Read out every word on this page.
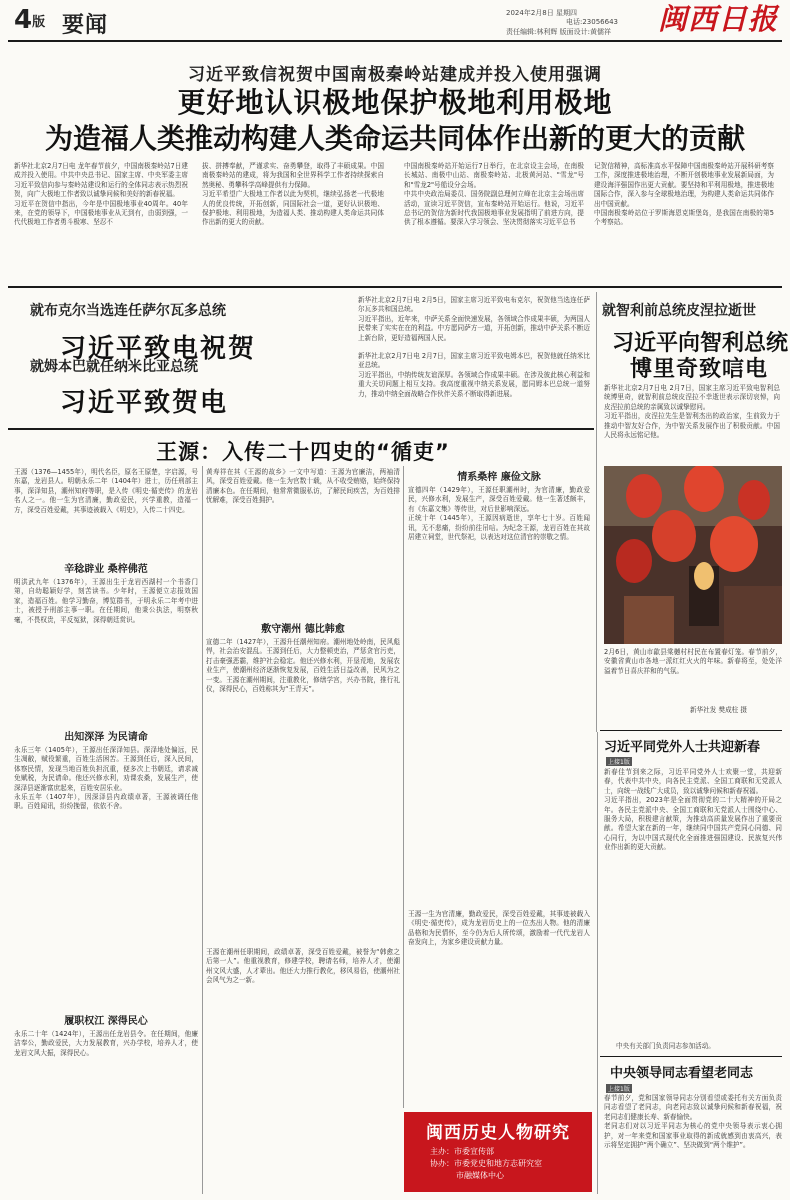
4版 要闻	2024年2月8日 星期四
电话:23056643
责任编辑:林利辉 版面设计:黄儒祥 闽西日报
习近平致信祝贺中国南极秦岭站建成并投入使用强调
更好地认识极地保护极地利用极地
为造福人类推动构建人类命运共同体作出新的更大的贡献

新华社北京2月7日电 龙年春节前夕，中国南极秦岭站7日建成并投入使用。中共中央总书记、国家主席、中央军委主席习近平致信向参与秦岭站建设和运行的全体同志表示热烈祝贺，向广大极地工作者致以诚挚问候和美好的新春祝福。
习近平在贺信中指出，今年是中国极地事业40周年。40年来，在党的领导下，中国极地事业从无到有，由弱到强，一代代极地工作者勇斗极寒、坚忍不

拔、拼搏奉献，严谨求实、奋勇攀登，取得了丰硕成果。中国南极秦岭站的建成，将为我国和全世界科学工作者持续探索自然奥秘、勇攀科学高峰提供有力保障。
习近平希望广大极地工作者以此为契机，继续弘扬老一代极地人的优良传统，开拓创新，同国际社会一道，更好认识极地、保护极地、利用极地，为造福人类、推动构建人类命运共同体作出新的更大的贡献。

中国南极秦岭站开始运行7日举行，在北京设主会场，在南极长城站、南极中山站、南极秦岭站、北极黄河站、"雪龙"号和"雪龙2"号船设分会场。
中共中央政治局委员、国务院副总理何立峰在北京主会场出席活动，宣读习近平贺信，宣布秦岭站开始运行。他说，习近平总书记的贺信为新时代我国极地事业发展指明了前进方向，提供了根本遵循。要深入学习领会、坚决贯彻落实习近平总书

记贺信精神，高标准高水平保障中国南极秦岭站开展科研考察工作，深度推进极地治理，不断开创极地事业发展新局面，为建设海洋强国作出更大贡献。要坚持和平利用极地，推进极地国际合作，深入参与全球极地治理，为构建人类命运共同体作出中国贡献。
中国南极秦岭站位于罗斯海恩克斯堡岛，是我国在南极的第5个考察站。

就布克尔当选连任萨尔瓦多总统
习近平致电祝贺
就姆本巴就任纳米比亚总统
习近平致贺电

新华社北京2月7日电 2月5日，国家主席习近平致电布克尔，祝贺他当选连任萨尔瓦多共和国总统。
习近平指出，近年来，中萨关系全面快速发展，各领域合作成果丰硕，为两国人民带来了实实在在的利益。中方愿同萨方一道，开拓创新，推动中萨关系不断迈上新台阶，更好造福两国人民。

新华社北京2月7日电 2月7日，国家主席习近平致电姆本巴，祝贺他就任纳米比亚总统。
习近平指出，中纳传统友谊深厚。各领域合作成果丰硕。在涉及彼此核心利益和重大关切问题上相互支持。我高度重视中纳关系发展，愿同姆本巴总统一道努力，推动中纳全面战略合作伙伴关系不断取得新进展。

就智利前总统皮涅拉逝世
习近平向智利总统
博里奇致唁电

新华社北京2月7日电 2月7日，国家主席习近平致电智利总统博里奇，就智利前总统皮涅拉不幸逝世表示深切哀悼，向皮涅拉前总统的亲属致以诚挚慰问。
习近平指出，皮涅拉先生是智利杰出的政治家，生前致力于推动中智友好合作，为中智关系发展作出了积极贡献。中国人民将永远铭记他。

王源：入传二十四史的“循吏”

王源（1376—1455年），明代名臣，原名王原楚，字启源，号东嘉，龙岩县人。明朝永乐二年（1404年）进士，历任刑部主事，深泽知县，潮州知府等职，是入传《明史·循吏传》的龙岩名人之一。他一生为官清廉，勤政爱民，兴学重教，造福一方，深受百姓爱戴，其事迹被载入《明史》，入传二十四史。

辛稔辟业 桑梓佛范

明洪武九年（1376年），王源出生于龙岩西湖村一个书香门第，自幼聪颖好学，刻苦读书。少年时，王源便立志报效国家，造福百姓。他学习勤奋，博览群书，于明永乐二年考中进士，被授予刑部主事一职。在任期间，他秉公执法，明察秋毫，不畏权贵，平反冤狱，深得朝廷赏识。

出知深泽 为民请命

永乐三年（1405年），王源出任深泽知县。深泽地处偏远，民生凋敝，赋役繁重，百姓生活困苦。王源到任后，深入民间，体察民情，发现当地百姓负担沉重，便多次上书朝廷，请求减免赋税，为民请命。他还兴修水利，劝课农桑，发展生产，使深泽县逐渐富庶起来，百姓安居乐业。
永乐五年（1407年），因深泽县内政绩卓著，王源被调任他职。百姓闻讯，纷纷挽留，依依不舍。

履职权江 深得民心

永乐二十年（1424年），王源出任龙岩县令。在任期间，他廉洁奉公，勤政爱民，大力发展教育，兴办学校，培养人才，使龙岩文风大振，深得民心。

黄寿祥在其《王源的故乡》一文中写道：王源为官廉洁，两袖清风，深受百姓爱戴。他一生为官数十载，从不收受贿赂，始终保持清廉本色。在任期间，他常常微服私访，了解民间疾苦，为百姓排忧解难，深受百姓拥护。

敷守潮州 德比韩愈

宣德二年（1427年），王源升任潮州知府。潮州地处岭南，民风彪悍，社会治安混乱。王源到任后，大力整顿吏治，严惩贪官污吏，打击豪强恶霸，维护社会稳定。他还兴修水利，开垦荒地，发展农业生产，使潮州经济逐渐恢复发展，百姓生活日益改善，民风为之一变。王源在潮州期间，注重教化，修缮学宫，兴办书院，推行礼仪，深得民心，百姓称其为“王青天”。

王源在潮州任职期间，政绩卓著，深受百姓爱戴，被誉为“韩愈之后第一人”。他重视教育，修建学校，聘请名师，培养人才，使潮州文风大盛，人才辈出。他还大力推行教化，移风易俗，使潮州社会风气为之一新。

情系桑梓 廉俭文脉

宣德四年（1429年），王源任职潮州时，为官清廉，勤政爱民，兴修水利，发展生产，深受百姓爱戴。他一生著述颇丰，有《东嘉文集》等传世，对后世影响深远。
正统十年（1445年），王源因病逝世，享年七十岁。百姓闻讯，无不悲痛，纷纷前往吊唁。为纪念王源，龙岩百姓在其故居建立祠堂，世代祭祀，以表达对这位清官的崇敬之情。

王源一生为官清廉，勤政爱民，深受百姓爱戴，其事迹被载入《明史·循吏传》，成为龙岩历史上的一位杰出人物。他的清廉品格和为民情怀，至今仍为后人所传颂，激励着一代代龙岩人奋发向上，为家乡建设贡献力量。

闽西历史人物研究
主办：市委宣传部
协办：市委党史和地方志研究室
市融媒体中心

2月6日，黄山市歙县棠樾村村民在布置春灯笼。春节前夕，安徽省黄山市各地一派红红火火的年味。新春将至，处处洋溢着节日喜庆祥和的气氛。

新华社发 樊成柱 摄
习近平同党外人士共迎新春
上接1版

新春佳节到来之际，习近平同党外人士欢聚一堂，共迎新春，代表中共中央，向各民主党派、全国工商联和无党派人士，向统一战线广大成员，致以诚挚问候和新春祝福。
习近平指出，2023年是全面贯彻党的二十大精神的开局之年。各民主党派中央、全国工商联和无党派人士围绕中心、服务大局，积极建言献策，为推动高质量发展作出了重要贡献。希望大家在新的一年，继续同中国共产党同心同德、同心同行，为以中国式现代化全面推进强国建设、民族复兴伟业作出新的更大贡献。

中央有关部门负责同志参加活动。
中央领导同志看望老同志
上接1版

春节前夕，党和国家领导同志分别看望或委托有关方面负责同志看望了老同志，向老同志致以诚挚问候和新春祝福，祝老同志们健康长寿、新春愉快。
老同志们对以习近平同志为核心的党中央领导表示衷心拥护，对一年来党和国家事业取得的新成就感到由衷高兴，表示将坚定拥护“两个确立”、坚决做到“两个维护”。
